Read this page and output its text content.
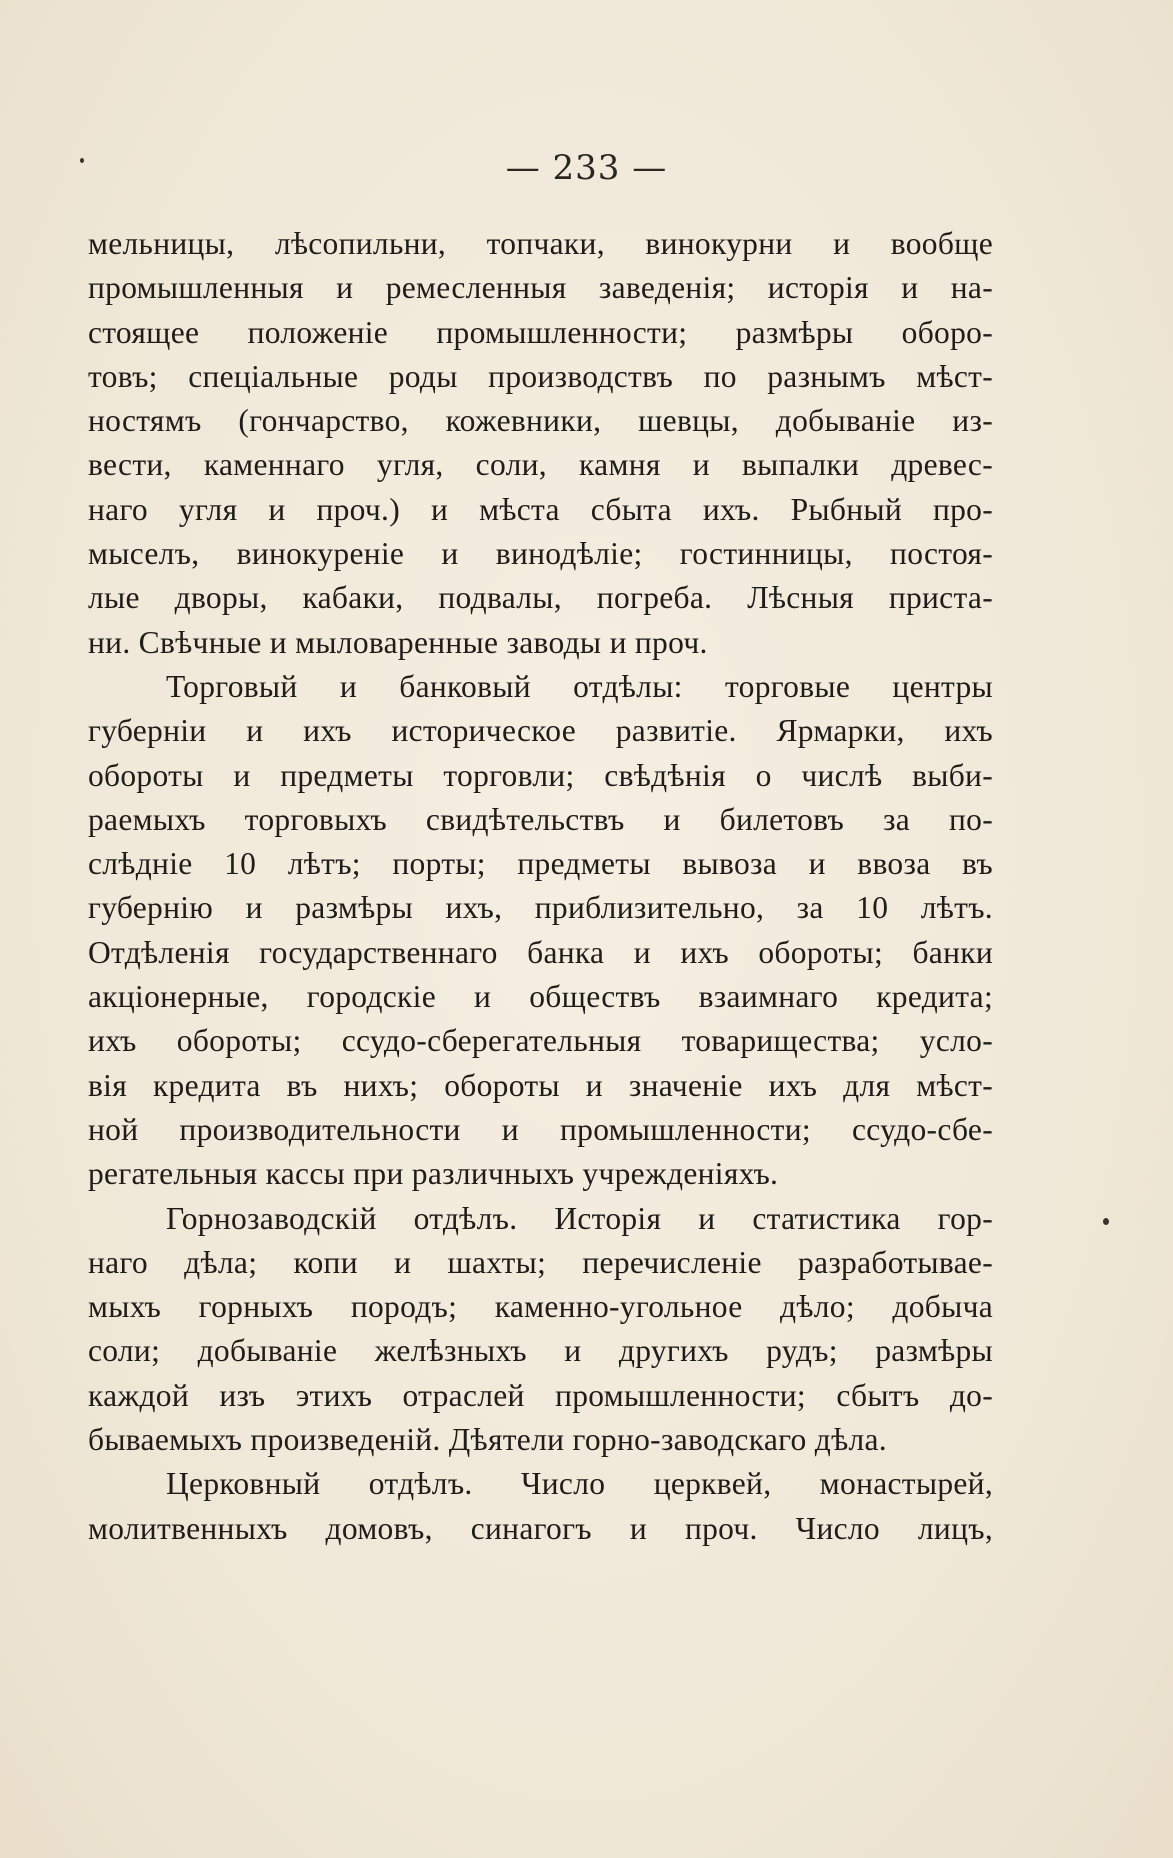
— 233 —
мельницы, лѣсопильни, топчаки, винокурни и вообще
промышленныя и ремесленныя заведенія; исторія и на-
стоящее положеніе промышленности; размѣры оборо-
товъ; спеціальные роды производствъ по разнымъ мѣст-
ностямъ (гончарство, кожевники, шевцы, добываніе из-
вести, каменнаго угля, соли, камня и выпалки древес-
наго угля и проч.) и мѣста сбыта ихъ. Рыбный про-
мыселъ, винокуреніе и винодѣліе; гостинницы, постоя-
лые дворы, кабаки, подвалы, погреба. Лѣсныя приста-
ни. Свѣчные и мыловаренные заводы и проч.
Торговый и банковый отдѣлы: торговые центры
губерніи и ихъ историческое развитіе. Ярмарки, ихъ
обороты и предметы торговли; свѣдѣнія о числѣ выби-
раемыхъ торговыхъ свидѣтельствъ и билетовъ за по-
слѣдніе 10 лѣтъ; порты; предметы вывоза и ввоза въ
губернію и размѣры ихъ, приблизительно, за 10 лѣтъ.
Отдѣленія государственнаго банка и ихъ обороты; банки
акціонерные, городскіе и обществъ взаимнаго кредита;
ихъ обороты; ссудо-сберегательныя товарищества; усло-
вія кредита въ нихъ; обороты и значеніе ихъ для мѣст-
ной производительности и промышленности; ссудо-сбе-
регательныя кассы при различныхъ учрежденіяхъ.
Горнозаводскій отдѣлъ. Исторія и статистика гор-
наго дѣла; копи и шахты; перечисленіе разработывае-
мыхъ горныхъ породъ; каменно-угольное дѣло; добыча
соли; добываніе желѣзныхъ и другихъ рудъ; размѣры
каждой изъ этихъ отраслей промышленности; сбытъ до-
бываемыхъ произведеній. Дѣятели горно-заводскаго дѣла.
Церковный отдѣлъ. Число церквей, монастырей,
молитвенныхъ домовъ, синагогъ и проч. Число лицъ,
